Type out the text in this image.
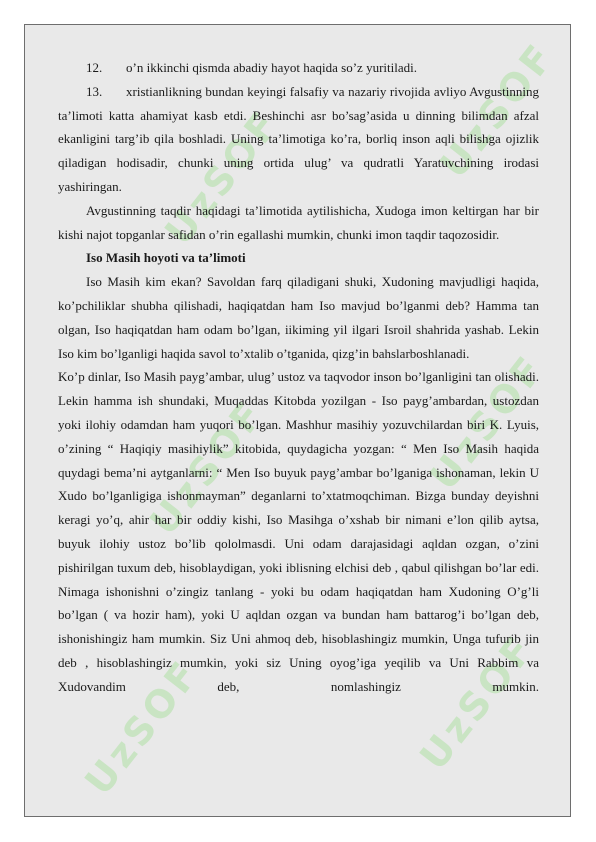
UzSOF
UzSOF
UzSOF
UzSOF
UzSOF
UzSOF
12.	o’n ikkinchi qismda abadiy hayot haqida so’z yuritiladi.

13. xristianlikning bundan keyingi falsafiy va nazariy rivojida avliyo Avgustinning ta’limoti katta ahamiyat kasb etdi. Beshinchi asr bo’sag’asida u dinning bilimdan afzal ekanligini targ’ib qila boshladi. Uning ta’limotiga ko’ra, borliq inson aqli bilishga ojizlik qiladigan hodisadir, chunki uning ortida ulug’ va qudratli Yaratuvchining irodasi yashiringan.

Avgustinning taqdir haqidagi ta’limotida aytilishicha, Xudoga imon keltirgan har bir kishi najot topganlar safidan o’rin egallashi mumkin, chunki imon taqdir taqozosidir.

Iso Masih hoyoti va ta’limoti

Iso Masih kim ekan? Savoldan farq qiladigani shuki, Xudoning mavjudligi haqida, ko’pchiliklar shubha qilishadi, haqiqatdan ham Iso mavjud bo’lganmi deb? Hamma tan olgan, Iso haqiqatdan ham odam bo’lgan, iikiming yil ilgari Isroil shahrida yashab. Lekin Iso kim bo’lganligi haqida savol to’xtalib o’tganida, qizg’in bahslarboshlanadi.

Ko’p dinlar, Iso Masih payg’ambar, ulug’ ustoz va taqvodor inson bo’lganligini tan olishadi. Lekin hamma ish shundaki, Muqaddas Kitobda yozilgan - Iso payg’ambardan, ustozdan yoki ilohiy odamdan ham yuqori bo’lgan. Mashhur masihiy yozuvchilardan biri K. Lyuis, o’zining “ Haqiqiy masihiylik” kitobida, quydagicha yozgan: “ Men Iso Masih haqida quydagi bema’ni aytganlarni: “ Men Iso buyuk payg’ambar bo’lganiga ishonaman, lekin U Xudo bo’lganligiga ishonmayman” deganlarni to’xtatmoqchiman. Bizga bunday deyishni keragi yo’q, ahir har bir oddiy kishi, Iso Masihga o’xshab bir nimani e’lon qilib aytsa, buyuk ilohiy ustoz bo’lib qololmasdi. Uni odam darajasidagi aqldan ozgan, o’zini pishirilgan tuxum deb, hisoblaydigan, yoki iblisning elchisi deb , qabul qilishgan bo’lar edi. Nimaga ishonishni o’zingiz tanlang - yoki bu odam haqiqatdan ham Xudoning O’g’li bo’lgan ( va hozir ham), yoki U aqldan ozgan va bundan ham battarog’i bo’lgan deb, ishonishingiz ham mumkin. Siz Uni ahmoq deb, hisoblashingiz mumkin, Unga tufurib jin deb , hisoblashingiz mumkin, yoki siz Uning oyog’iga yeqilib va Uni Rabbim va Xudovandim deb, nomlashingiz mumkin.
